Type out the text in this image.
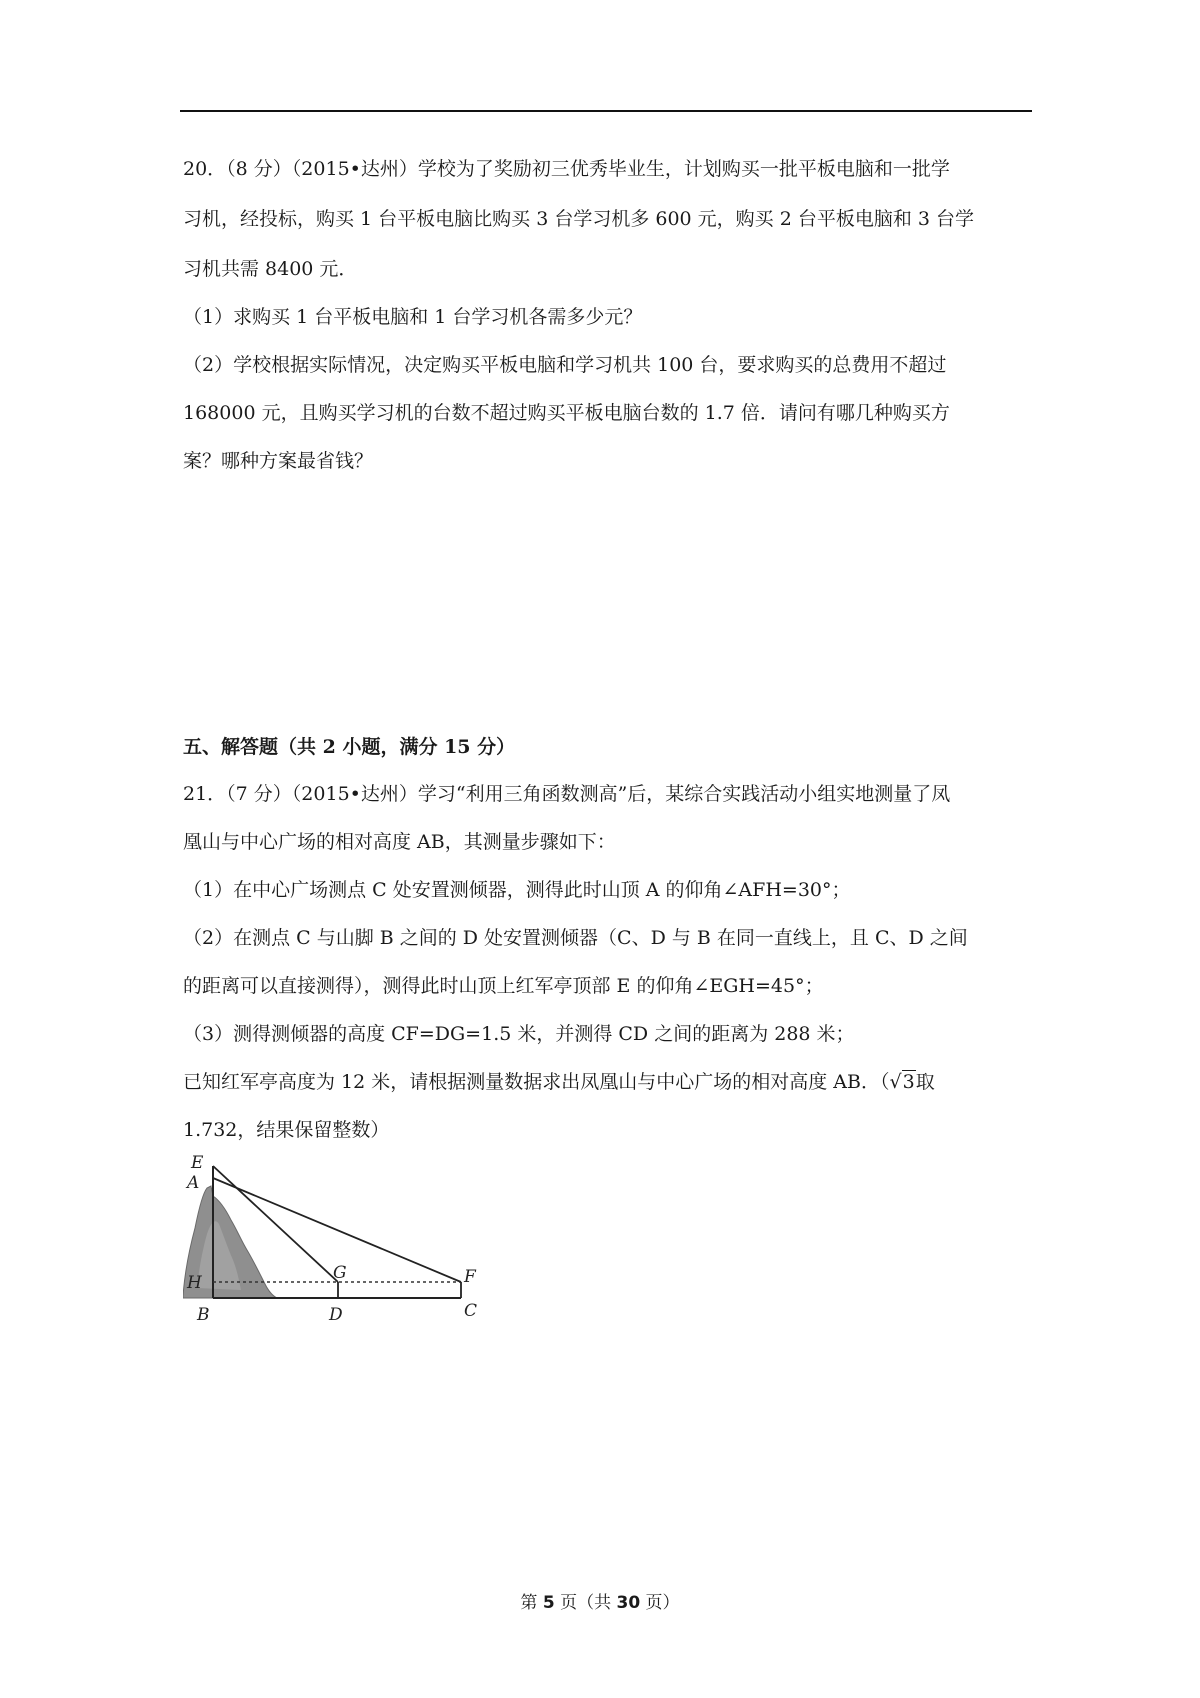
20．（8 分）（2015•达州）学校为了奖励初三优秀毕业生，计划购买一批平板电脑和一批学
习机，经投标，购买 1 台平板电脑比购买 3 台学习机多 600 元，购买 2 台平板电脑和 3 台学
习机共需 8400 元．
（1）求购买 1 台平板电脑和 1 台学习机各需多少元？
（2）学校根据实际情况，决定购买平板电脑和学习机共 100 台，要求购买的总费用不超过
168000 元，且购买学习机的台数不超过购买平板电脑台数的 1.7 倍．请问有哪几种购买方
案？哪种方案最省钱？
五、解答题（共 2 小题，满分 15 分）
21．（7 分）（2015•达州）学习“利用三角函数测高”后，某综合实践活动小组实地测量了凤
凰山与中心广场的相对高度 AB，其测量步骤如下：
（1）在中心广场测点 C 处安置测倾器，测得此时山顶 A 的仰角∠AFH=30°；
（2）在测点 C 与山脚 B 之间的 D 处安置测倾器（C、D 与 B 在同一直线上，且 C、D 之间
的距离可以直接测得），测得此时山顶上红军亭顶部 E 的仰角∠EGH=45°；
（3）测得测倾器的高度 CF=DG=1.5 米，并测得 CD 之间的距离为 288 米；
已知红军亭高度为 12 米，请根据测量数据求出凤凰山与中心广场的相对高度 AB．（√3取
1.732，结果保留整数）
E
A
H
B
G
D
F
C
第 5 页（共 30 页）
